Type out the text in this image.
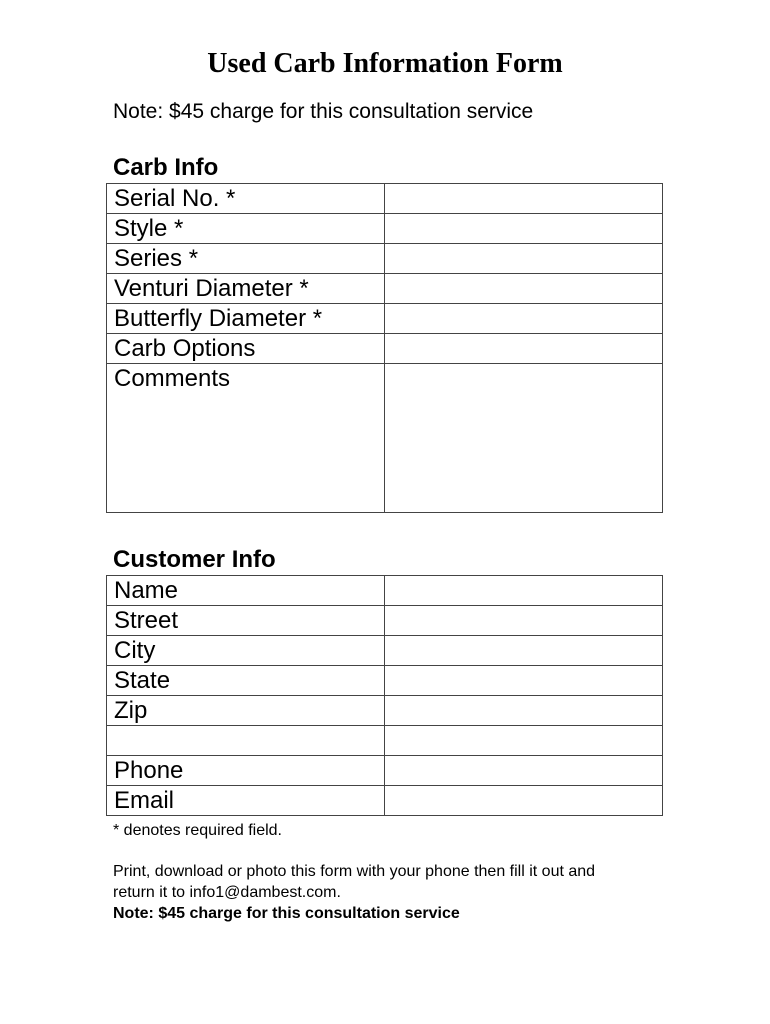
Used Carb Information Form
Note: $45 charge for this consultation service
Carb Info
Serial No. *	
Style *	
Series *	
Venturi Diameter *	
Butterfly Diameter *	
Carb Options	
Comments	
Customer Info
Name	
Street	
City	
State	
Zip	

Phone	
Email	
* denotes required field.
Print, download or photo this form with your phone then fill it out and
return it to info1@dambest.com.
Note: $45 charge for this consultation service
